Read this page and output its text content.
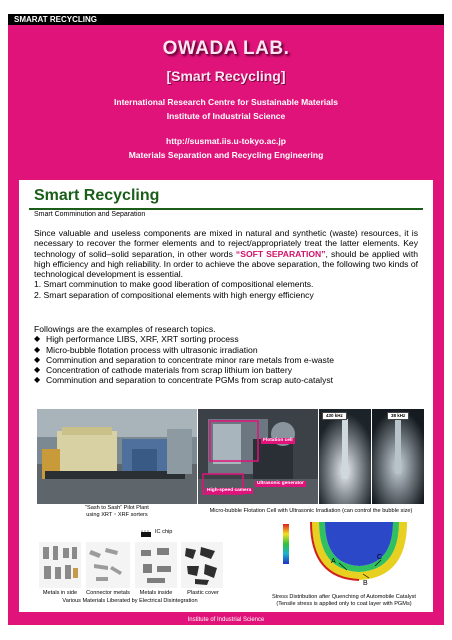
SMARAT RECYCLING
OWADA LAB.
[Smart Recycling]
International Research Centre for Sustainable Materials
Institute of Industrial Science
http://susmat.iis.u-tokyo.ac.jp
Materials Separation and Recycling Engineering
Smart Recycling
Smart Comminution and Separation

Since valuable and useless components are mixed in natural and synthetic (waste) resources, it is necessary to recover the former elements and to reject/appropriately treat the latter elements. Key technology of solid–solid separation, in other words “SOFT SEPARATION”, should be applied with high efficiency and high reliability. In order to achieve the above separation, the following two kinds of technological development is essential.

1. Smart comminution to make good liberation of compositional elements.

2. Smart separation of compositional elements with high energy efficiency

Followings are the examples of research topics.
◆ High performance LIBS, XRF, XRT sorting process
◆ Micro-bubble flotation process with ultrasonic irradiation
◆ Comminution and separation to concentrate minor rare metals from e-waste
◆ Concentration of cathode materials from scrap lithium ion battery
◆ Comminution and separation to concentrate PGMs from scrap auto-catalyst
“Sash to Sash” Pilot Plant
using XRT・XRF sorters
Flotation cell
Ultrasonic generator
High-speed camera
430 kHz	38 kHz
Micro-bubble Flotation Cell with Ultrasonic Irradiation (can control the bubble size)
IC chip
Metals in side	Connector metals	Metals inside	Plastic cover
Various Materials Liberated by Electrical Disintegration
A
B
C
Stress Distribution after Quenching of Automobile Catalyst
(Tensile stress is applied only to coat layer with PGMs)
Institute of Industrial Science
